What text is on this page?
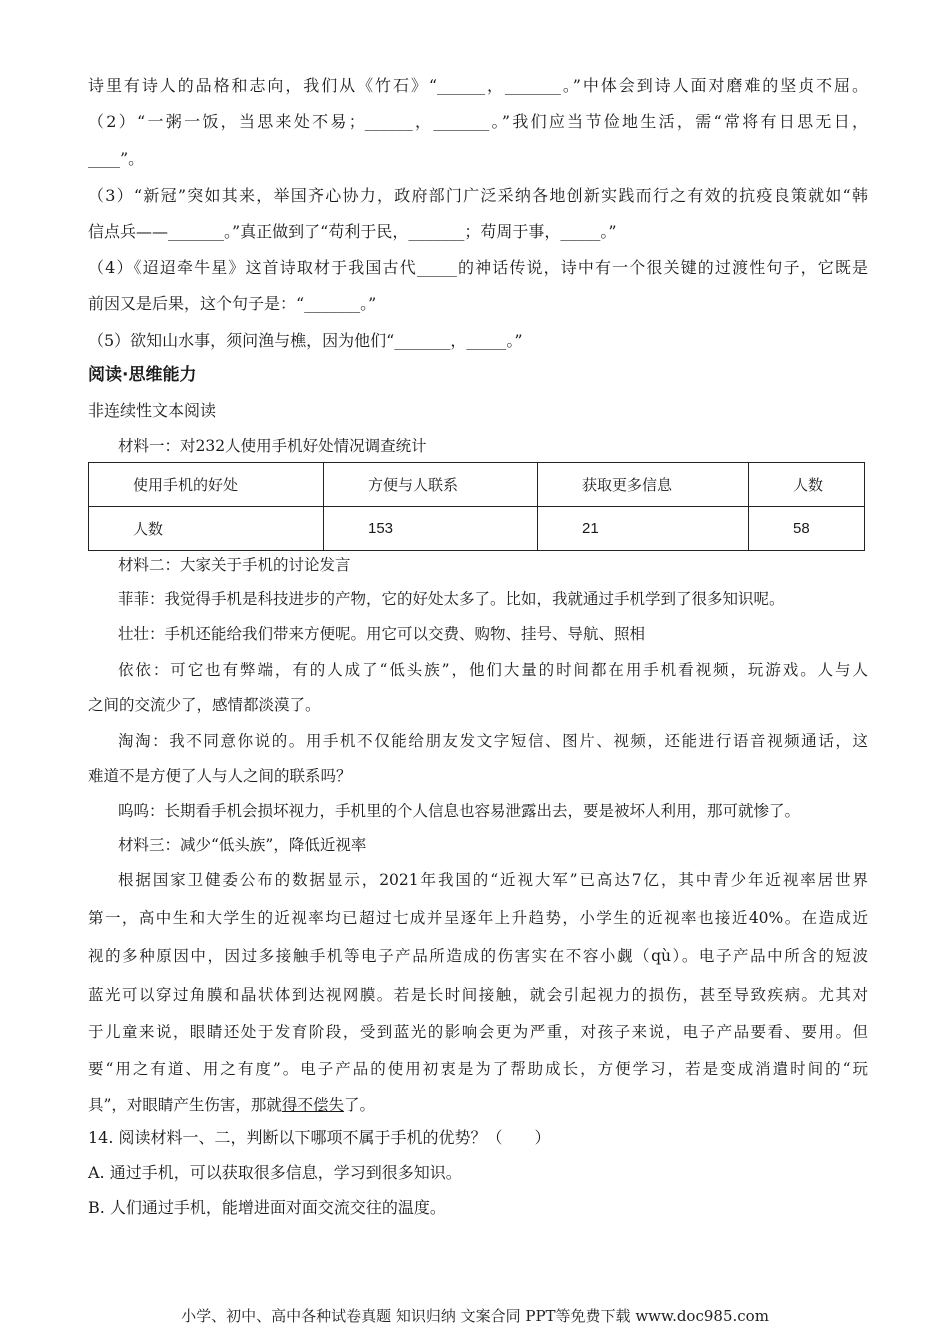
诗里有诗人的品格和志向，我们从《竹石》“______，_______。”中体会到诗人面对磨难的坚贞不屈。
（2）“一粥一饭，当思来处不易；______，_______。”我们应当节俭地生活，需“常将有日思无日，
____”。
（3）“新冠”突如其来，举国齐心协力，政府部门广泛采纳各地创新实践而行之有效的抗疫良策就如“韩
信点兵——_______。”真正做到了“苟利于民，_______；苟周于事，_____。”
（4）《迢迢牵牛星》这首诗取材于我国古代_____的神话传说，诗中有一个很关键的过渡性句子，它既是
前因又是后果，这个句子是：“_______。”
（5）欲知山水事，须问渔与樵，因为他们“_______，_____。”
阅读·思维能力
非连续性文本阅读
材料一：对232人使用手机好处情况调查统计
使用手机的好处	方便与人联系	获取更多信息	人数
人数	153	21	58
材料二：大家关于手机的讨论发言
菲菲：我觉得手机是科技进步的产物，它的好处太多了。比如，我就通过手机学到了很多知识呢。
壮壮：手机还能给我们带来方便呢。用它可以交费、购物、挂号、导航、照相
依依：可它也有弊端，有的人成了“低头族”，他们大量的时间都在用手机看视频，玩游戏。人与人
之间的交流少了，感情都淡漠了。
淘淘：我不同意你说的。用手机不仅能给朋友发文字短信、图片、视频，还能进行语音视频通话，这
难道不是方便了人与人之间的联系吗？
呜呜：长期看手机会损坏视力，手机里的个人信息也容易泄露出去，要是被坏人利用，那可就惨了。
材料三：减少“低头族”，降低近视率
根据国家卫健委公布的数据显示，2021年我国的“近视大军”已高达7亿，其中青少年近视率居世界
第一，高中生和大学生的近视率均已超过七成并呈逐年上升趋势，小学生的近视率也接近40%。在造成近
视的多种原因中，因过多接触手机等电子产品所造成的伤害实在不容小觑（qù）。电子产品中所含的短波
蓝光可以穿过角膜和晶状体到达视网膜。若是长时间接触，就会引起视力的损伤，甚至导致疾病。尤其对
于儿童来说，眼睛还处于发育阶段，受到蓝光的影响会更为严重，对孩子来说，电子产品要看、要用。但
要“用之有道、用之有度”。电子产品的使用初衷是为了帮助成长，方便学习，若是变成消遣时间的“玩
具”，对眼睛产生伤害，那就得不偿失了。
14. 阅读材料一、二，判断以下哪项不属于手机的优势？（　　）
A. 通过手机，可以获取很多信息，学习到很多知识。
B. 人们通过手机，能增进面对面交流交往的温度。
小学、初中、高中各种试卷真题 知识归纳 文案合同 PPT等免费下载 www.doc985.com
